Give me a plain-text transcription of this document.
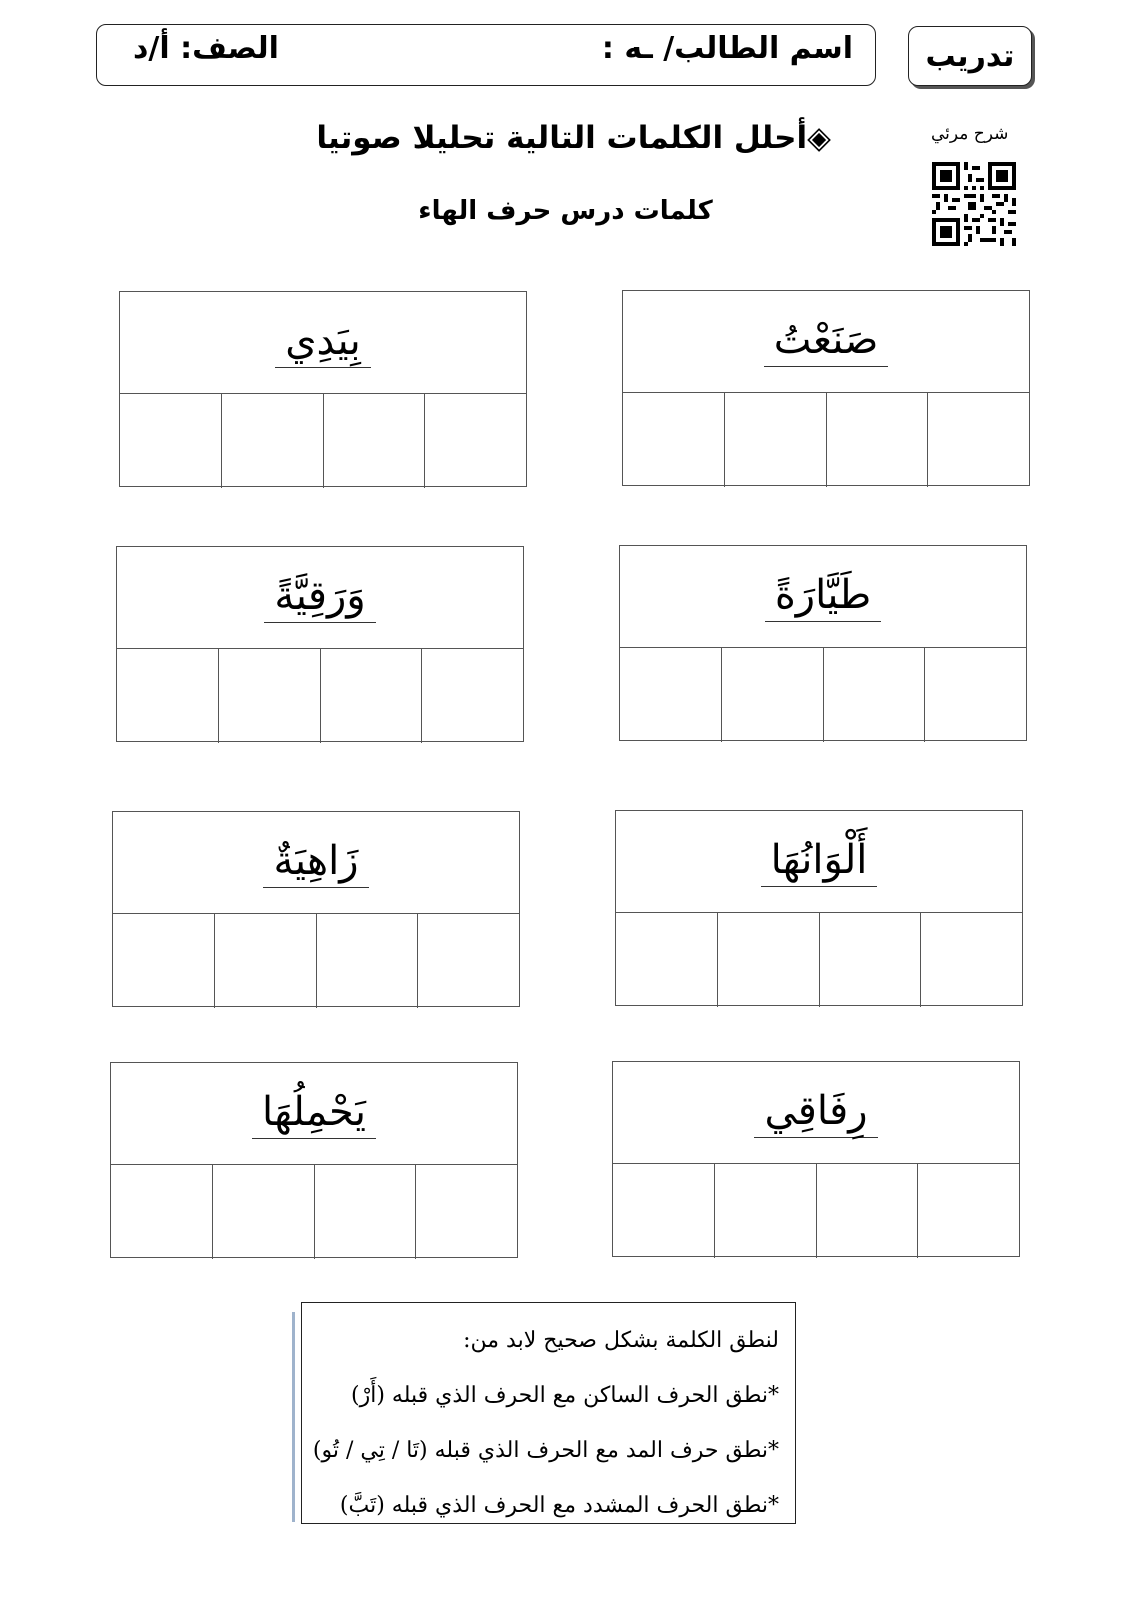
تدريب
اسم الطالب/ ـه :
الصف: أ/د
شرح مرئي
◈أحلل الكلمات التالية تحليلا صوتيا
كلمات درس حرف الهاء
صَنَعْتُ
بِيَدِي
طَيَّارَةً
وَرَقِيَّةً
أَلْوَانُهَا
زَاهِيَةٌ
رِفَاقِي
يَحْمِلُهَا

لنطق الكلمة بشكل صحيح لابد من:

*نطق الحرف الساكن مع الحرف الذي قبله (أَرْ)

*نطق حرف المد مع الحرف الذي قبله (تَا / تِي / تُو)

*نطق الحرف المشدد مع الحرف الذي قبله (تَبَّ)
